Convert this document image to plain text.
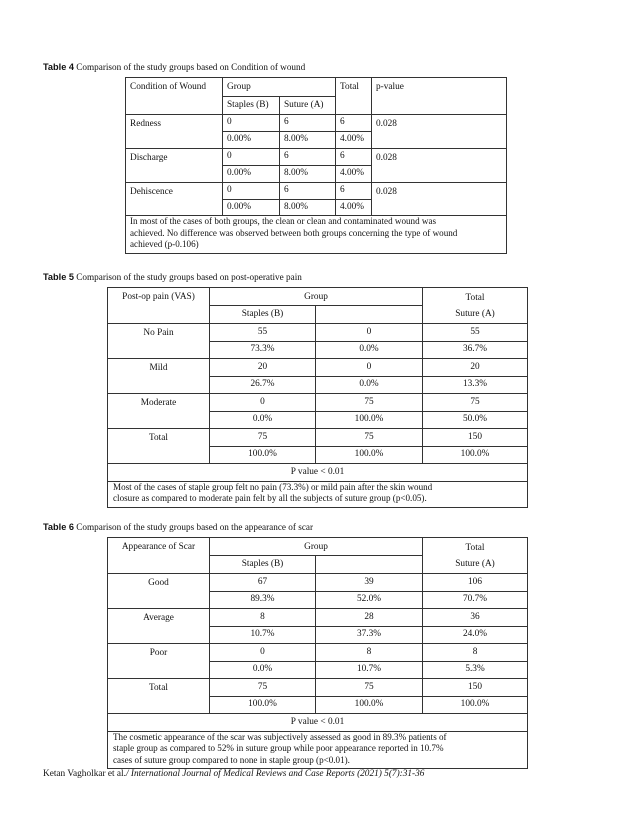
Table 4 Comparison of the study groups based on Condition of wound
Condition of Wound	Group		Total	p-value
	Staples (B)	Suture (A)		
Redness	0	6	6	0.028
	0.00%	8.00%	4.00%	
Discharge	0	6	6	0.028
	0.00%	8.00%	4.00%	
Dehiscence	0	6	6	0.028
	0.00%	8.00%	4.00%	

In most of the cases of both groups, the clean or clean and contaminated wound was
achieved. No difference was observed between both groups concerning the type of wound
achieved (p-0.106)				
Table 5 Comparison of the study groups based on post-operative pain
Post-op pain (VAS)	Group		Total
	Staples (B)		Suture (A)
No Pain	55	0	55
	73.3%	0.0%	36.7%
Mild	20	0	20
	26.7%	0.0%	13.3%
Moderate	0	75	75
	0.0%	100.0%	50.0%
Total	75	75	150
	100.0%	100.0%	100.0%
P value < 0.01			

Most of the cases of staple group felt no pain (73.3%) or mild pain after the skin wound
closure as compared to moderate pain felt by all the subjects of suture group (p<0.05).			
Table 6 Comparison of the study groups based on the appearance of scar
Appearance of Scar	Group		Total
	Staples (B)		Suture (A)
Good	67	39	106
	89.3%	52.0%	70.7%
Average	8	28	36
	10.7%	37.3%	24.0%
Poor	0	8	8
	0.0%	10.7%	5.3%
Total	75	75	150
	100.0%	100.0%	100.0%
P value < 0.01			

The cosmetic appearance of the scar was subjectively assessed as good in 89.3% patients of
staple group as compared to 52% in suture group while poor appearance reported in 10.7%
cases of suture group compared to none in staple group (p<0.01).			
Ketan Vagholkar et al./ International Journal of Medical Reviews and Case Reports (2021) 5(7):31-36
